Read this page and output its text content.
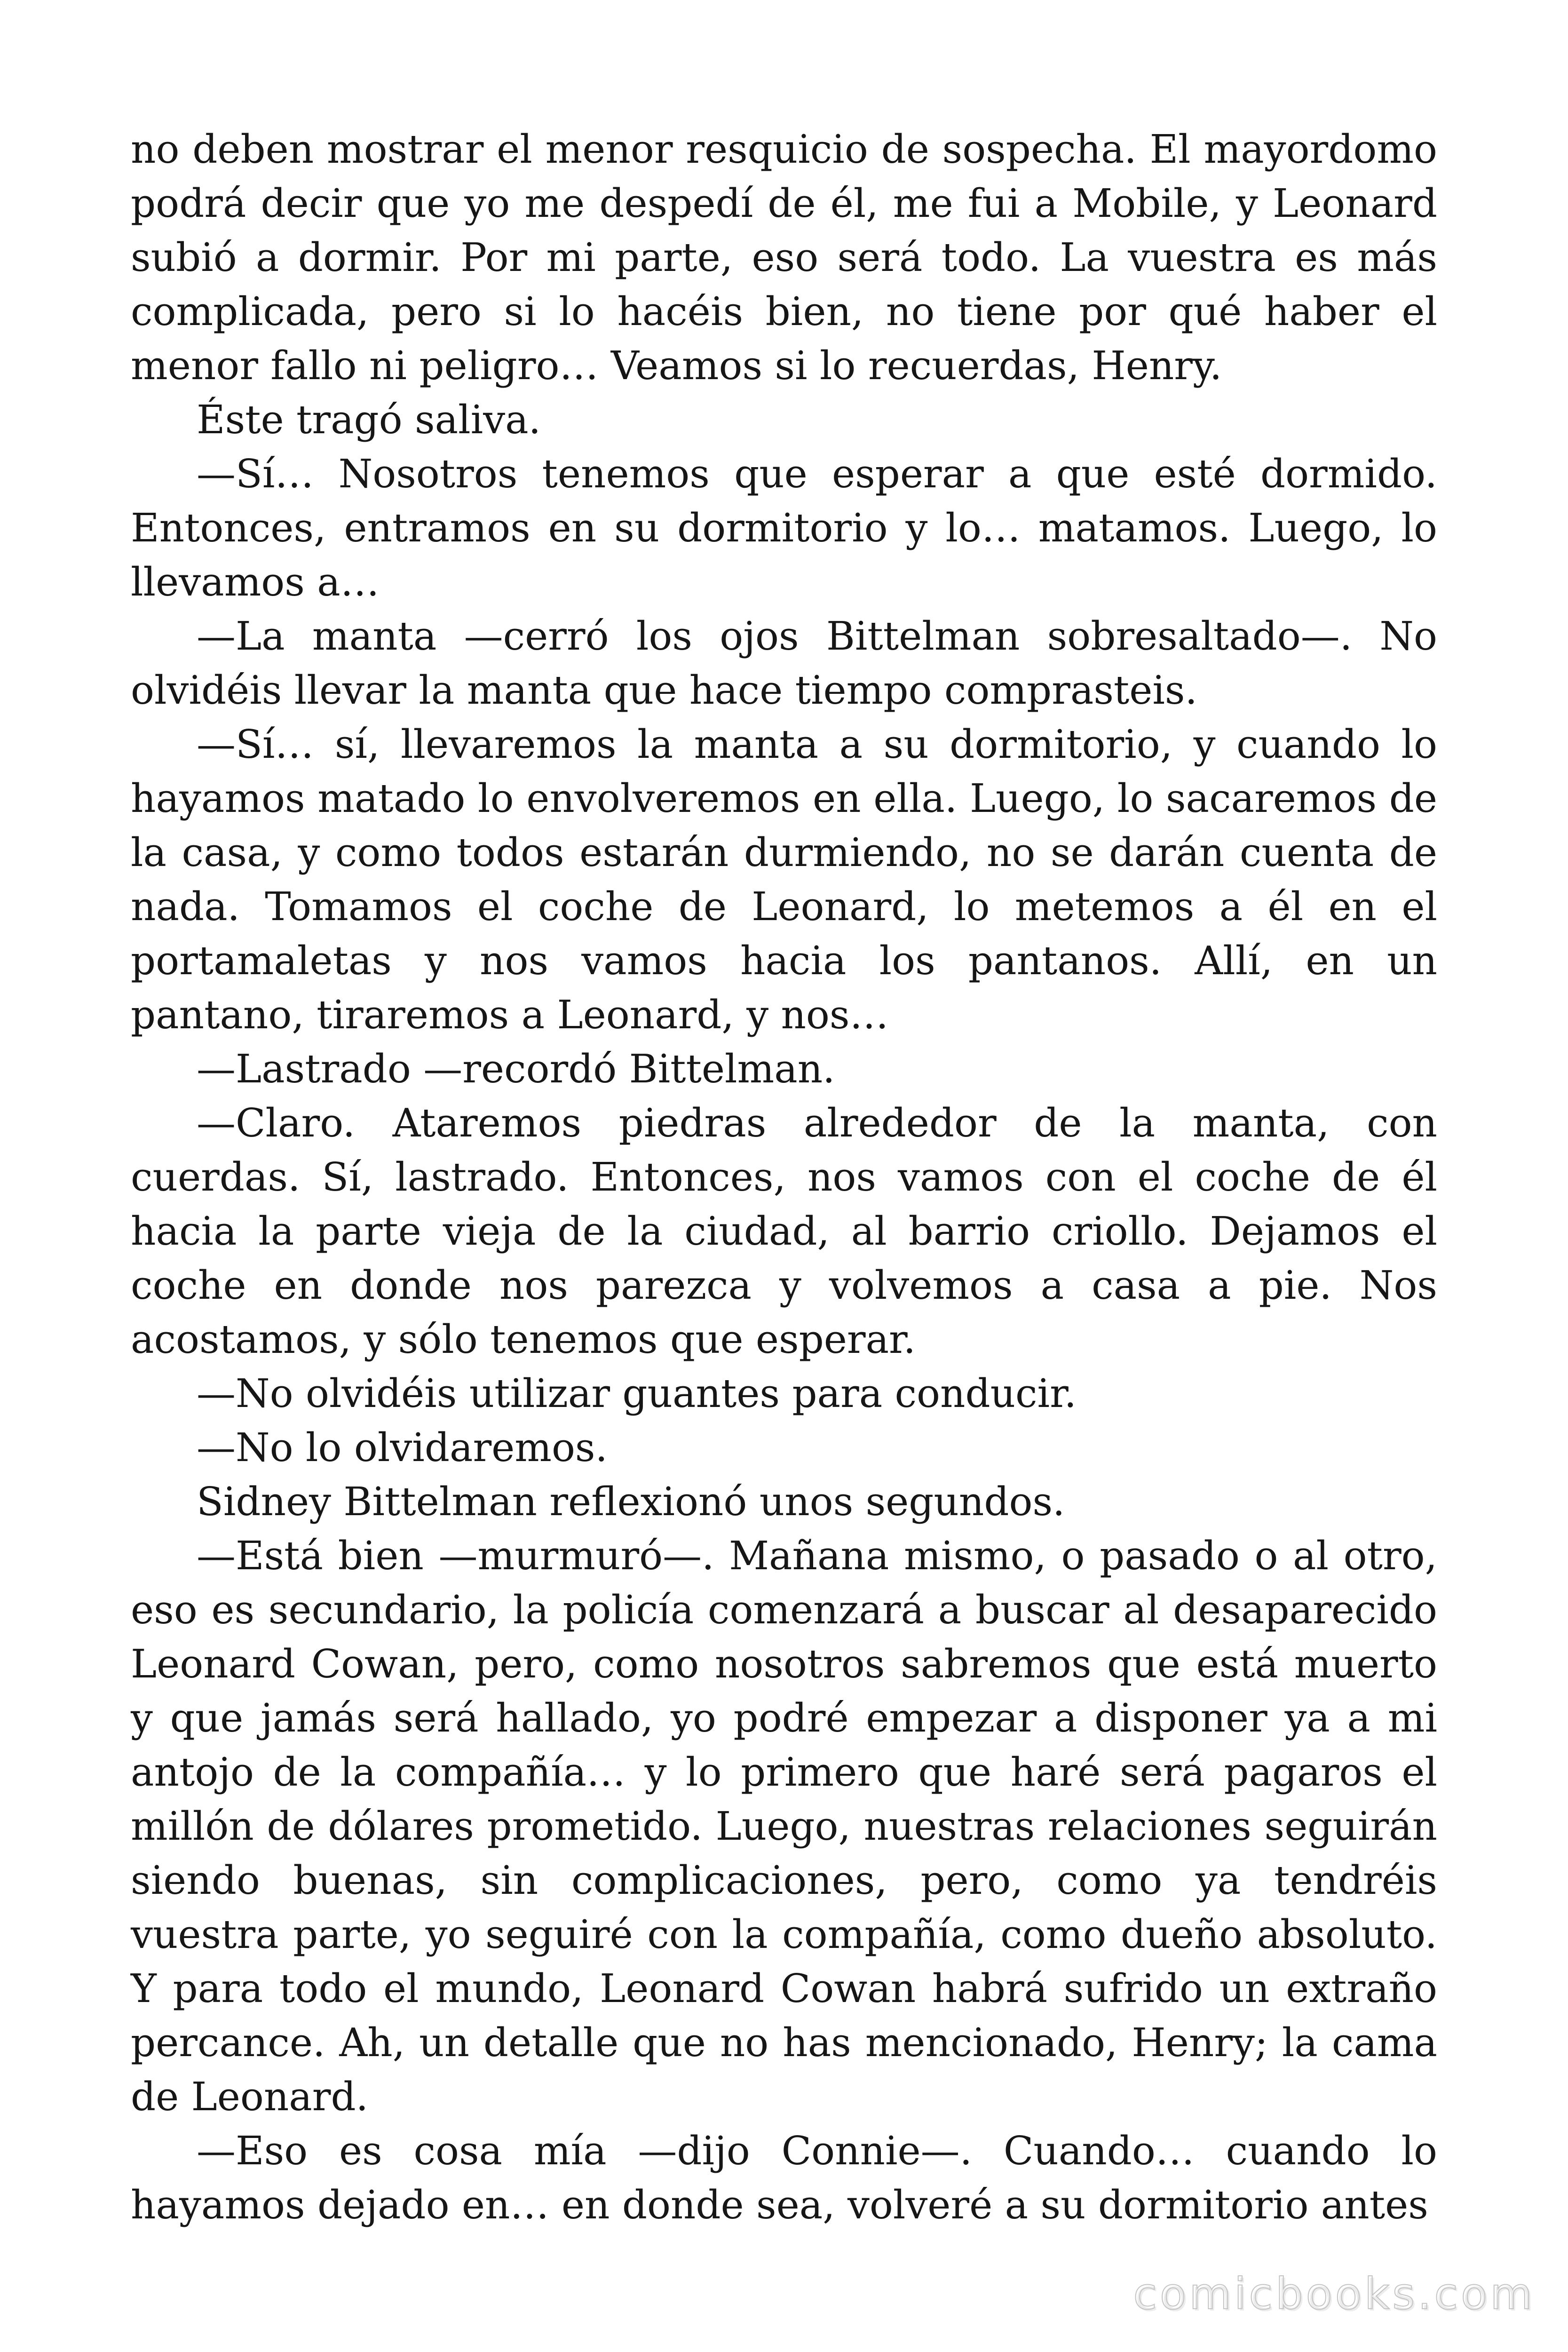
no deben mostrar el menor resquicio de sospecha. El mayordomo podrá decir que yo me despedí de él, me fui a Mobile, y Leonard subió a dormir. Por mi parte, eso será todo. La vuestra es más complicada, pero si lo hacéis bien, no tiene por qué haber el menor fallo ni peligro… Veamos si lo recuerdas, Henry.

Éste tragó saliva.

—Sí… Nosotros tenemos que esperar a que esté dormido. Entonces, entramos en su dormitorio y lo… matamos. Luego, lo llevamos a…

—La manta —cerró los ojos Bittelman sobresaltado—. No olvidéis llevar la manta que hace tiempo comprasteis.

—Sí… sí, llevaremos la manta a su dormitorio, y cuando lo hayamos matado lo envolveremos en ella. Luego, lo sacaremos de la casa, y como todos estarán durmiendo, no se darán cuenta de nada. Tomamos el coche de Leonard, lo metemos a él en el portamaletas y nos vamos hacia los pantanos. Allí, en un pantano, tiraremos a Leonard, y nos…

—Lastrado —recordó Bittelman.

—Claro. Ataremos piedras alrededor de la manta, con cuerdas. Sí, lastrado. Entonces, nos vamos con el coche de él hacia la parte vieja de la ciudad, al barrio criollo. Dejamos el coche en donde nos parezca y volvemos a casa a pie. Nos acostamos, y sólo tenemos que esperar.

—No olvidéis utilizar guantes para conducir.

—No lo olvidaremos.

Sidney Bittelman reflexionó unos segundos.

—Está bien —murmuró—. Mañana mismo, o pasado o al otro, eso es secundario, la policía comenzará a buscar al desaparecido Leonard Cowan, pero, como nosotros sabremos que está muerto y que jamás será hallado, yo podré empezar a disponer ya a mi antojo de la compañía… y lo primero que haré será pagaros el millón de dólares prometido. Luego, nuestras relaciones seguirán siendo buenas, sin complicaciones, pero, como ya tendréis vuestra parte, yo seguiré con la compañía, como dueño absoluto. Y para todo el mundo, Leonard Cowan habrá sufrido un extraño percance. Ah, un detalle que no has mencionado, Henry; la cama de Leonard.

—Eso es cosa mía —dijo Connie—. Cuando… cuando lo hayamos dejado en… en donde sea, volveré a su dormitorio antes

comicbooks.com
